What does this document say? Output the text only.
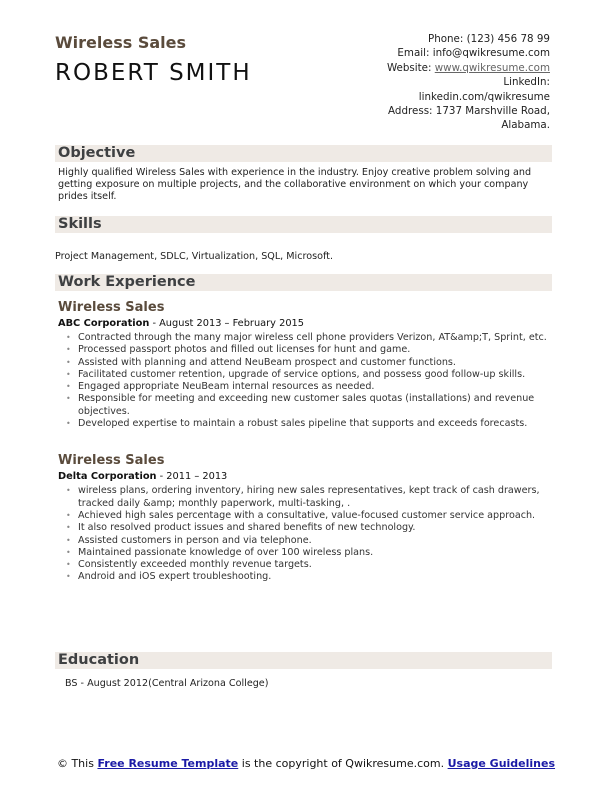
Wireless Sales
ROBERT SMITH
Phone: (123) 456 78 99
Email: info@qwikresume.com
Website: www.qwikresume.com
LinkedIn:
linkedin.com/qwikresume
Address: 1737 Marshville Road,
Alabama.
Objective
Highly qualified Wireless Sales with experience in the industry. Enjoy creative problem solving and getting exposure on multiple projects, and the collaborative environment on which your company prides itself.
Skills
Project Management, SDLC, Virtualization, SQL, Microsoft.
Work Experience
Wireless Sales
ABC Corporation - August 2013 – February 2015
• Contracted through the many major wireless cell phone providers Verizon, AT&amp;T, Sprint, etc.
• Processed passport photos and filled out licenses for hunt and game.
• Assisted with planning and attend NeuBeam prospect and customer functions.
• Facilitated customer retention, upgrade of service options, and possess good follow-up skills.
• Engaged appropriate NeuBeam internal resources as needed.
• Responsible for meeting and exceeding new customer sales quotas (installations) and revenue objectives.
• Developed expertise to maintain a robust sales pipeline that supports and exceeds forecasts.
Wireless Sales
Delta Corporation - 2011 – 2013
• wireless plans, ordering inventory, hiring new sales representatives, kept track of cash drawers, tracked daily &amp; monthly paperwork, multi-tasking, .
• Achieved high sales percentage with a consultative, value-focused customer service approach.
• It also resolved product issues and shared benefits of new technology.
• Assisted customers in person and via telephone.
• Maintained passionate knowledge of over 100 wireless plans.
• Consistently exceeded monthly revenue targets.
• Android and iOS expert troubleshooting.
Education
BS - August 2012(Central Arizona College)
© This Free Resume Template is the copyright of Qwikresume.com. Usage Guidelines
